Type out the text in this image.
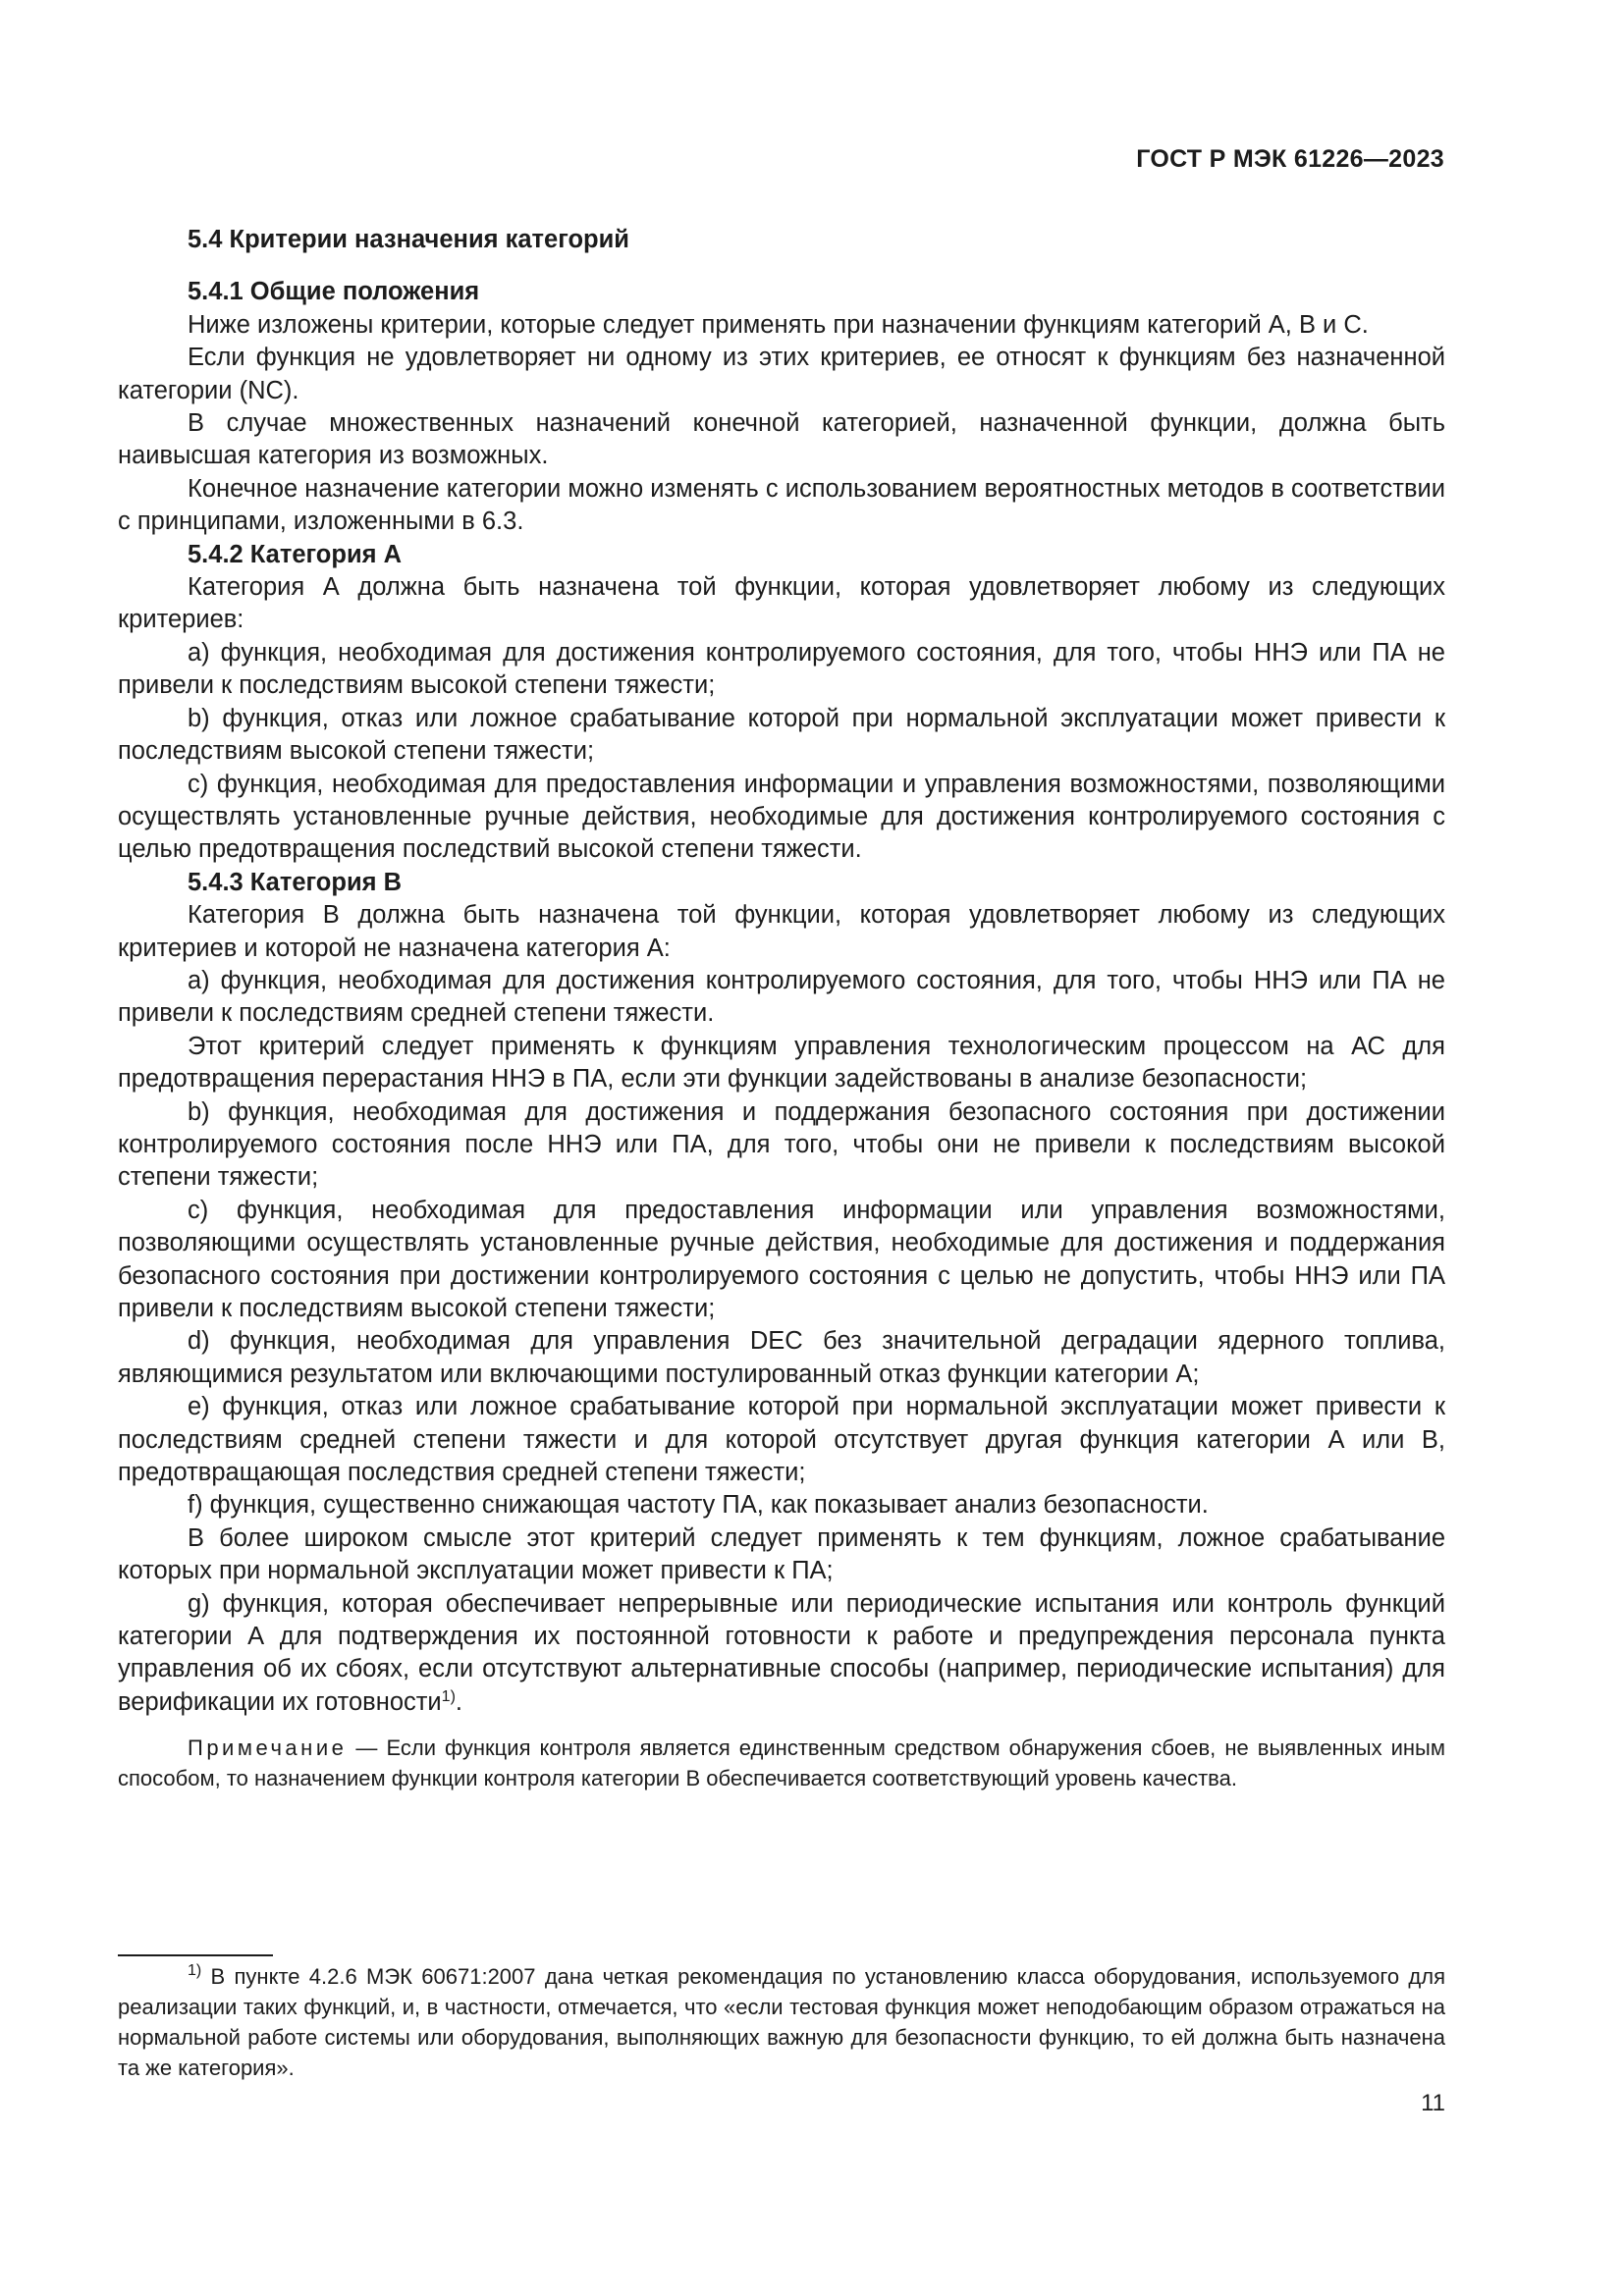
ГОСТ Р МЭК 61226—2023

5.4 Критерии назначения категорий

5.4.1 Общие положения

Ниже изложены критерии, которые следует применять при назначении функциям категорий А, В и С.

Если функция не удовлетворяет ни одному из этих критериев, ее относят к функциям без назначенной категории (NC).

В случае множественных назначений конечной категорией, назначенной функции, должна быть наивысшая категория из возможных.

Конечное назначение категории можно изменять с использованием вероятностных методов в соответствии с принципами, изложенными в 6.3.

5.4.2 Категория А

Категория А должна быть назначена той функции, которая удовлетворяет любому из следующих критериев:

a) функция, необходимая для достижения контролируемого состояния, для того, чтобы ННЭ или ПА не привели к последствиям высокой степени тяжести;

b) функция, отказ или ложное срабатывание которой при нормальной эксплуатации может привести к последствиям высокой степени тяжести;

c) функция, необходимая для предоставления информации и управления возможностями, позволяющими осуществлять установленные ручные действия, необходимые для достижения контролируемого состояния с целью предотвращения последствий высокой степени тяжести.

5.4.3 Категория В

Категория В должна быть назначена той функции, которая удовлетворяет любому из следующих критериев и которой не назначена категория А:

a) функция, необходимая для достижения контролируемого состояния, для того, чтобы ННЭ или ПА не привели к последствиям средней степени тяжести.

Этот критерий следует применять к функциям управления технологическим процессом на АС для предотвращения перерастания ННЭ в ПА, если эти функции задействованы в анализе безопасности;

b) функция, необходимая для достижения и поддержания безопасного состояния при достижении контролируемого состояния после ННЭ или ПА, для того, чтобы они не привели к последствиям высокой степени тяжести;

c) функция, необходимая для предоставления информации или управления возможностями, позволяющими осуществлять установленные ручные действия, необходимые для достижения и поддержания безопасного состояния при достижении контролируемого состояния с целью не допустить, чтобы ННЭ или ПА привели к последствиям высокой степени тяжести;

d) функция, необходимая для управления DEC без значительной деградации ядерного топлива, являющимися результатом или включающими постулированный отказ функции категории А;

e) функция, отказ или ложное срабатывание которой при нормальной эксплуатации может привести к последствиям средней степени тяжести и для которой отсутствует другая функция категории А или В, предотвращающая последствия средней степени тяжести;

f) функция, существенно снижающая частоту ПА, как показывает анализ безопасности.

В более широком смысле этот критерий следует применять к тем функциям, ложное срабатывание которых при нормальной эксплуатации может привести к ПА;

g) функция, которая обеспечивает непрерывные или периодические испытания или контроль функций категории А для подтверждения их постоянной готовности к работе и предупреждения персонала пункта управления об их сбоях, если отсутствуют альтернативные способы (например, периодические испытания) для верификации их готовности$^{1)}$.

Примечание — Если функция контроля является единственным средством обнаружения сбоев, не выявленных иным способом, то назначением функции контроля категории В обеспечивается соответствующий уровень качества.

$^{1)}$ В пункте 4.2.6 МЭК 60671:2007 дана четкая рекомендация по установлению класса оборудования, используемого для реализации таких функций, и, в частности, отмечается, что «если тестовая функция может неподобающим образом отражаться на нормальной работе системы или оборудования, выполняющих важную для безопасности функцию, то ей должна быть назначена та же категория».

11
